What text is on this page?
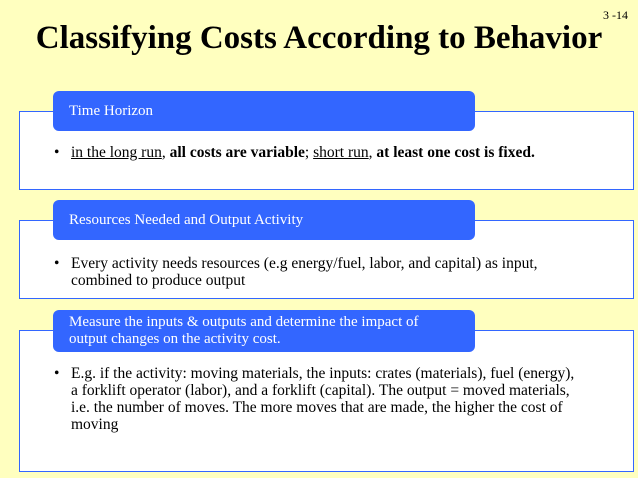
3 -14
Classifying Costs According to Behavior
• in the long run, all costs are variable; short run, at least one cost is fixed.
Time Horizon
• Every activity needs resources (e.g energy/fuel, labor, and capital) as input, combined to produce output
Resources Needed and Output Activity
• E.g. if the activity: moving materials, the inputs: crates (materials), fuel (energy), a forklift operator (labor), and a forklift (capital). The output = moved materials, i.e. the number of moves. The more moves that are made, the higher the cost of moving
Measure the inputs & outputs and determine the impact of output changes on the activity cost.
